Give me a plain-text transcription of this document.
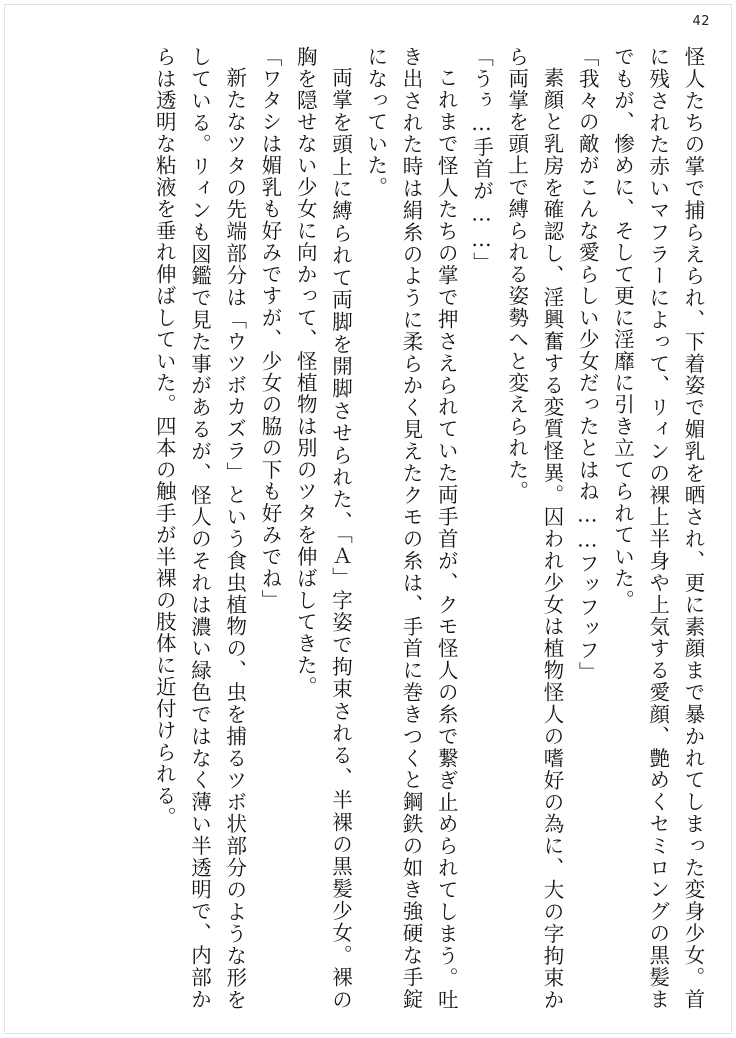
42

怪人たちの掌で捕らえられ、下着姿で媚乳を晒され、更に素顔まで暴かれてしまった変身少女。首に残された赤いマフラーによって、リィンの裸上半身や上気する愛顔、艶めくセミロングの黒髪までもが、惨めに、そして更に淫靡に引き立てられていた。

「我々の敵がこんな愛らしい少女だったとはね……フッフッフ」

素顔と乳房を確認し、淫興奮する変質怪異。囚われ少女は植物怪人の嗜好の為に、大の字拘束から両掌を頭上で縛られる姿勢へと変えられた。

「うぅ…手首が……」

これまで怪人たちの掌で押さえられていた両手首が、クモ怪人の糸で繋ぎ止められてしまう。吐き出された時は絹糸のように柔らかく見えたクモの糸は、手首に巻きつくと鋼鉄の如き強硬な手錠になっていた。

両掌を頭上に縛られて両脚を開脚させられた、「Ａ」字姿で拘束される、半裸の黒髪少女。裸の胸を隠せない少女に向かって、怪植物は別のツタを伸ばしてきた。

「ワタシは媚乳も好みですが、少女の脇の下も好みでね」

新たなツタの先端部分は「ウツボカズラ」という食虫植物の、虫を捕るツボ状部分のような形をしている。リィンも図鑑で見た事があるが、怪人のそれは濃い緑色ではなく薄い半透明で、内部からは透明な粘液を垂れ伸ばしていた。四本の触手が半裸の肢体に近付けられる。
